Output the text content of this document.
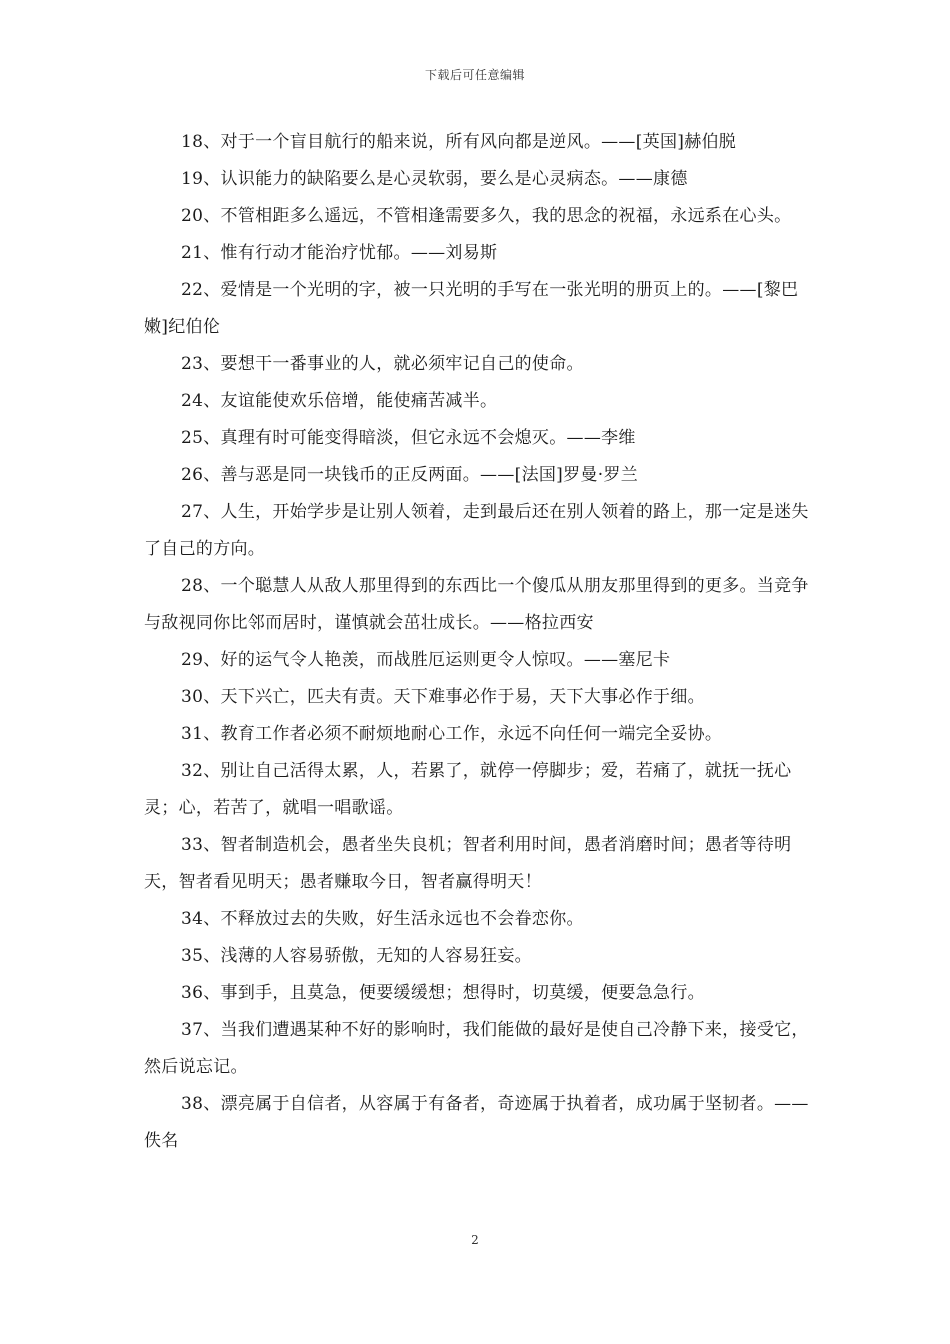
下载后可任意编辑

18、对于一个盲目航行的船来说，所有风向都是逆风。——[英国]赫伯脱

19、认识能力的缺陷要么是心灵软弱，要么是心灵病态。——康德

20、不管相距多么遥远，不管相逢需要多久，我的思念的祝福，永远系在心头。

21、惟有行动才能治疗忧郁。——刘易斯

22、爱情是一个光明的字，被一只光明的手写在一张光明的册页上的。——[黎巴嫩]纪伯伦

23、要想干一番事业的人，就必须牢记自己的使命。

24、友谊能使欢乐倍增，能使痛苦减半。

25、真理有时可能变得暗淡，但它永远不会熄灭。——李维

26、善与恶是同一块钱币的正反两面。——[法国]罗曼·罗兰

27、人生，开始学步是让别人领着，走到最后还在别人领着的路上，那一定是迷失了自己的方向。

28、一个聪慧人从敌人那里得到的东西比一个傻瓜从朋友那里得到的更多。当竞争与敌视同你比邻而居时，谨慎就会茁壮成长。——格拉西安

29、好的运气令人艳羡，而战胜厄运则更令人惊叹。——塞尼卡

30、天下兴亡，匹夫有责。天下难事必作于易，天下大事必作于细。

31、教育工作者必须不耐烦地耐心工作，永远不向任何一端完全妥协。

32、别让自己活得太累，人，若累了，就停一停脚步；爱，若痛了，就抚一抚心灵；心，若苦了，就唱一唱歌谣。

33、智者制造机会，愚者坐失良机；智者利用时间，愚者消磨时间；愚者等待明天，智者看见明天；愚者赚取今日，智者赢得明天！

34、不释放过去的失败，好生活永远也不会眷恋你。

35、浅薄的人容易骄傲，无知的人容易狂妄。

36、事到手，且莫急，便要缓缓想；想得时，切莫缓，便要急急行。

37、当我们遭遇某种不好的影响时，我们能做的最好是使自己冷静下来，接受它，然后说忘记。

38、漂亮属于自信者，从容属于有备者，奇迹属于执着者，成功属于坚韧者。——佚名

2
